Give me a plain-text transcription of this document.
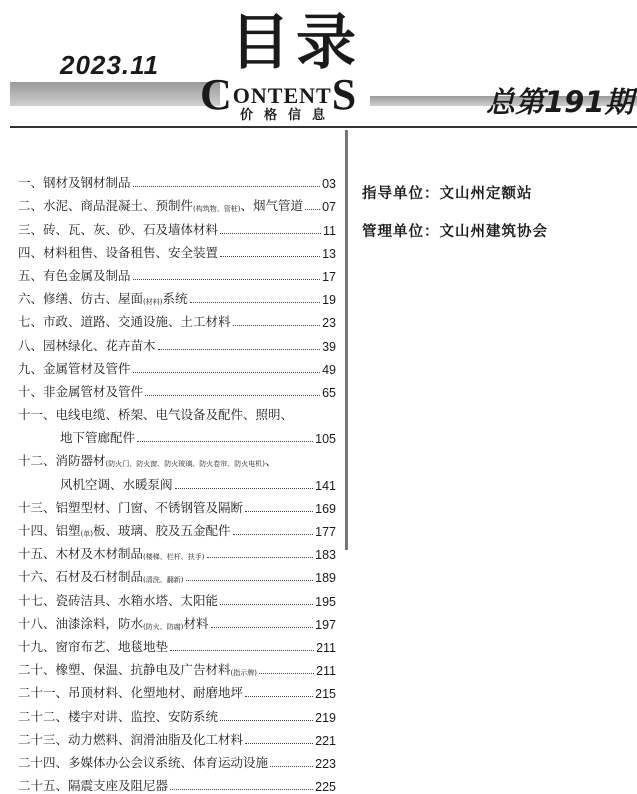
2023.11 目录
CONTENTS
价格信息	总第191期
指导单位：文山州定额站
管理单位：文山州建筑协会
一、 钢材及钢材制品	03
二、 水泥、商品混凝土、预制件 (构筑物、管桩) 、烟气管道 07
三、 砖、瓦、灰、砂、石及墙体材料	11
四、 材料租售、设备租售、安全装置	13
五、 有色金属及制品	17
六、 修缮、仿古、屋面 (材料) 系统	19
七、 市政、道路、交通设施、土工材料	23
八、 园林绿化、花卉苗木	39
九、 金属管材及管件	49
十、 非金属管材及管件	65
十一、 电线电缆、桥架、电气设备及配件、照明、
地下管廊配件	105
十二、 消防器材 (防火门、防火窗、防火玻璃、防火卷帘、防火电机) 、
风机空调、水暖泵阀	141
十三、 铝塑型材、门窗、不锈钢管及隔断	169
十四、 铝塑 (单) 板、玻璃、胶及五金配件	177
十五、 木材及木材制品 (楼梯、栏杆、扶手)	183
十六、 石材及石材制品 (清洗、翻新)	189
十七、 瓷砖洁具、水箱水塔、太阳能	195
十八、 油漆涂料，防水 (防火、防腐) 材料	197
十九、 窗帘布艺、地毯地垫	211
二十、 橡塑、保温、抗静电及广告材料 (指示牌)	211
二十一、 吊顶材料、化塑地材、耐磨地坪	215
二十二、 楼宇对讲、监控、安防系统	219
二十三、 动力燃料、润滑油脂及化工材料	221
二十四、 多媒体办公会议系统、体育运动设施	223
二十五、 隔震支座及阻尼器	225
